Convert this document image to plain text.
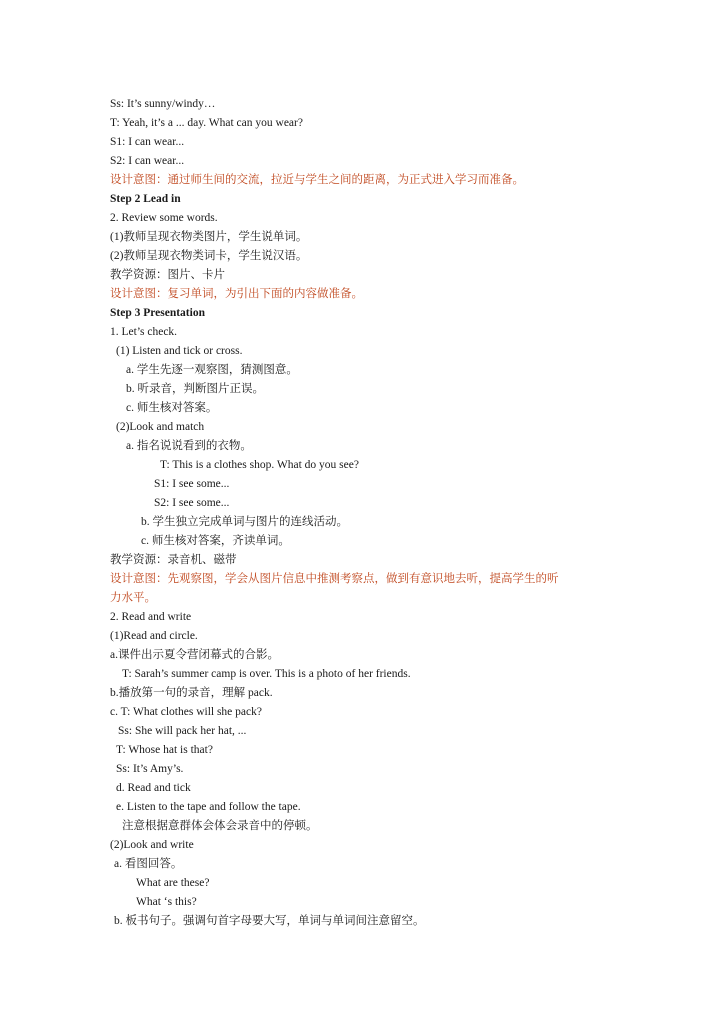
Ss: It’s sunny/windy…
T: Yeah, it’s a ... day. What can you wear?
S1: I can wear...
S2: I can wear...
设计意图：通过师生间的交流，拉近与学生之间的距离，为正式进入学习而准备。
Step 2 Lead in
2. Review some words.
(1)教师呈现衣物类图片，学生说单词。
(2)教师呈现衣物类词卡，学生说汉语。
教学资源：图片、卡片
设计意图：复习单词，为引出下面的内容做准备。
Step 3 Presentation
1. Let’s check.
(1) Listen and tick or cross.
a. 学生先逐一观察图，猜测图意。
b. 听录音，判断图片正误。
c. 师生核对答案。
(2)Look and match
a. 指名说说看到的衣物。
T: This is a clothes shop. What do you see?
S1: I see some...
S2: I see some...
b. 学生独立完成单词与图片的连线活动。
c. 师生核对答案，齐读单词。
教学资源：录音机、磁带
设计意图：先观察图，学会从图片信息中推测考察点，做到有意识地去听，提高学生的听
力水平。
2. Read and write
(1)Read and circle.
a.课件出示夏令营闭幕式的合影。
T: Sarah’s summer camp is over. This is a photo of her friends.
b.播放第一句的录音，理解 pack.
c. T: What clothes will she pack?
Ss: She will pack her hat, ...
T: Whose hat is that?
Ss: It’s Amy’s.
d. Read and tick
e. Listen to the tape and follow the tape.
注意根据意群体会体会录音中的停顿。
(2)Look and write
a. 看图回答。
What are these?
What ‘s this?
b. 板书句子。强调句首字母要大写，单词与单词间注意留空。
